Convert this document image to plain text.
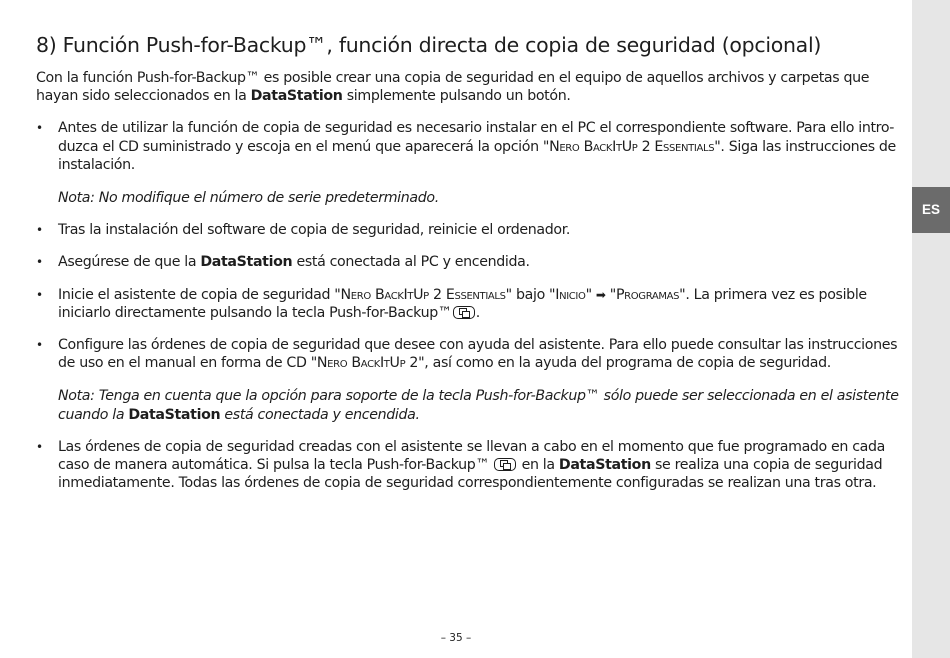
8) Función Push-for-Backup™, función directa de copia de seguridad (opcional)

Con la función Push-for-Backup™ es posible crear una copia de seguridad en el equipo de aquellos archivos y carpetas que hayan sido seleccionados en la DataStation simplemente pulsando un botón.

• Antes de utilizar la función de copia de seguridad es necesario instalar en el PC el correspondiente software. Para ello introduzca el CD suministrado y escoja en el menú que aparecerá la opción "Nero BackItUp 2 Essentials". Siga las instrucciones de instalación.

Nota: No modifique el número de serie predeterminado.

• Tras la instalación del software de copia de seguridad, reinicie el ordenador.

• Asegúrese de que la DataStation está conectada al PC y encendida.

• Inicie el asistente de copia de seguridad "Nero BackItUp 2 Essentials" bajo "Inicio" ➡ "Programas". La primera vez es posible iniciarlo directamente pulsando la tecla Push-for-Backup™ .

• Configure las órdenes de copia de seguridad que desee con ayuda del asistente. Para ello puede consultar las instrucciones de uso en el manual en forma de CD "Nero BackItUp 2", así como en la ayuda del programa de copia de seguridad.

Nota: Tenga en cuenta que la opción para soporte de la tecla Push-for-Backup™ sólo puede ser seleccionada en el asistente cuando la DataStation está conectada y encendida.

• Las órdenes de copia de seguridad creadas con el asistente se llevan a cabo en el momento que fue programado en cada caso de manera automática. Si pulsa la tecla Push-for-Backup™  en la DataStation se realiza una copia de seguridad inmediatamente. Todas las órdenes de copia de seguridad correspondientemente configuradas se realizan una tras otra.

– 35 –
ES
